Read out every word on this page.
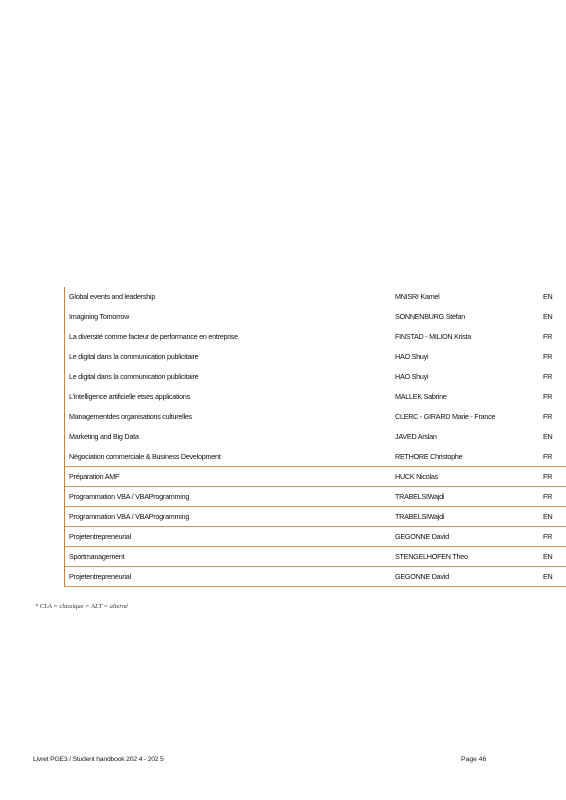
Global events and leadership	MNISRI Kamel	EN
Imagining Tomorrow	SONNENBURG Stefan	EN
La diversité comme facteur de performance en entreprise	FINSTAD - MILION Krista	FR
Le digital dans la communication publicitaire	HAO Shuyi	FR
Le digital dans la communication publicitaire	HAO Shuyi	FR
L'intelligence artificielle etses applications	MALLEK Sabrine	FR
Managementdes organisations culturelles	CLERC - GIRARD Marie - France	FR
Marketing and Big Data	JAVED Arslan	EN
Négociation commerciale & Business Development	RETHORE Christophe	FR
Préparation AMF	HUCK Nicolas	FR
Programmation VBA / VBAProgramming	TRABELSIWajdi	FR
Programmation VBA / VBAProgramming	TRABELSIWajdi	EN
Projetentrepreneurial	GEGONNE David	FR
Sportmanagement	STENGELHOFEN Theo	EN
Projetentrepreneurial	GEGONNE David	EN
* CLA = classique = ALT = alterné
Livret PGE3 / Student handbook 202 4 - 202 5	Page 46
